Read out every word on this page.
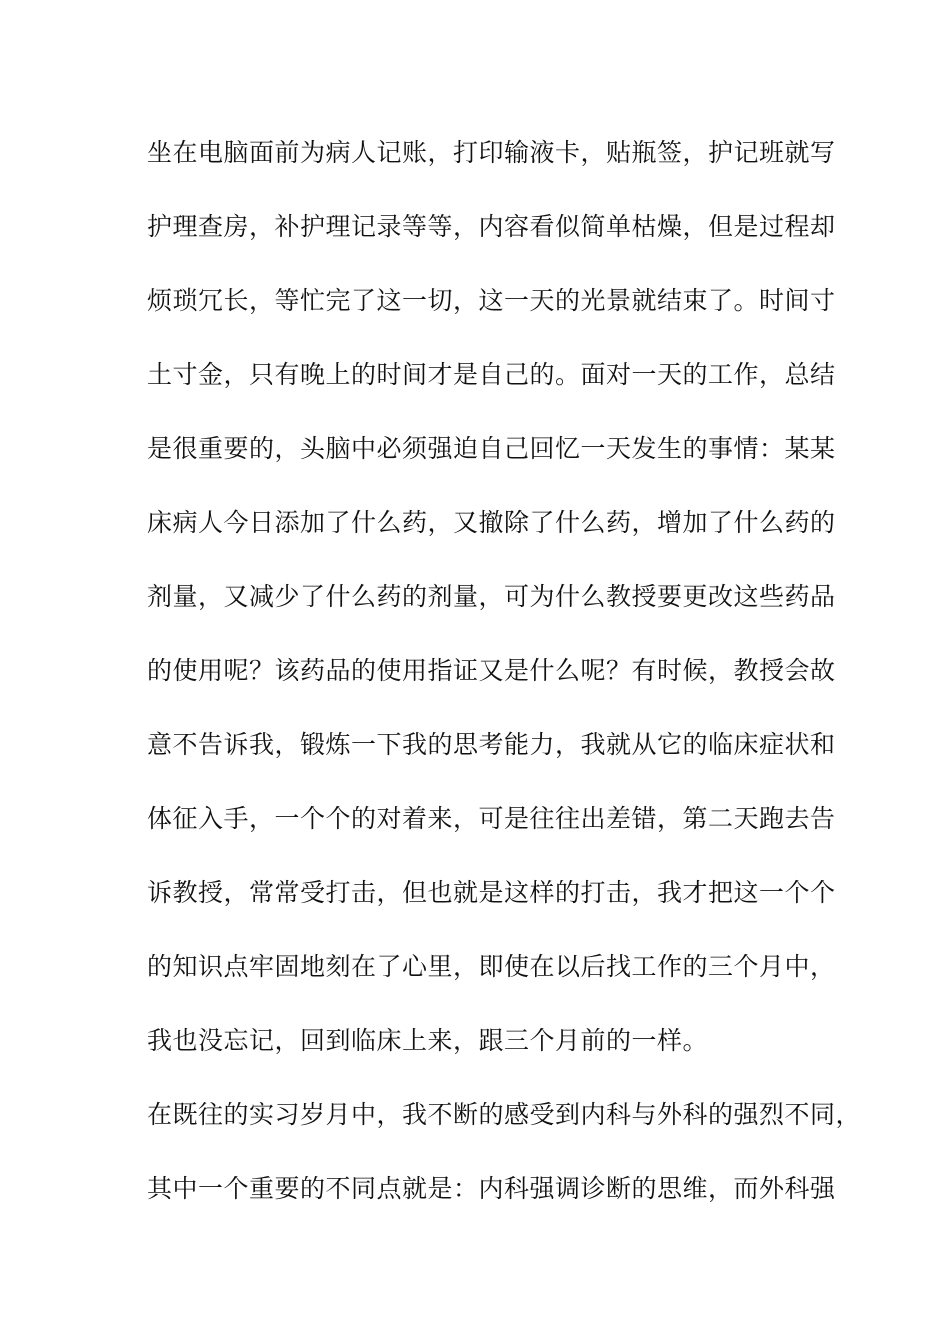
坐在电脑面前为病人记账，打印输液卡，贴瓶签，护记班就写
护理查房，补护理记录等等，内容看似简单枯燥，但是过程却
烦琐冗长，等忙完了这一切，这一天的光景就结束了。时间寸
土寸金，只有晚上的时间才是自己的。面对一天的工作，总结
是很重要的，头脑中必须强迫自己回忆一天发生的事情：某某
床病人今日添加了什么药，又撤除了什么药，增加了什么药的
剂量，又减少了什么药的剂量，可为什么教授要更改这些药品
的使用呢？该药品的使用指证又是什么呢？有时候，教授会故
意不告诉我，锻炼一下我的思考能力，我就从它的临床症状和
体征入手，一个个的对着来，可是往往出差错，第二天跑去告
诉教授，常常受打击，但也就是这样的打击，我才把这一个个
的知识点牢固地刻在了心里，即使在以后找工作的三个月中，
我也没忘记，回到临床上来，跟三个月前的一样。
在既往的实习岁月中，我不断的感受到内科与外科的强烈不同，
其中一个重要的不同点就是：内科强调诊断的思维，而外科强
